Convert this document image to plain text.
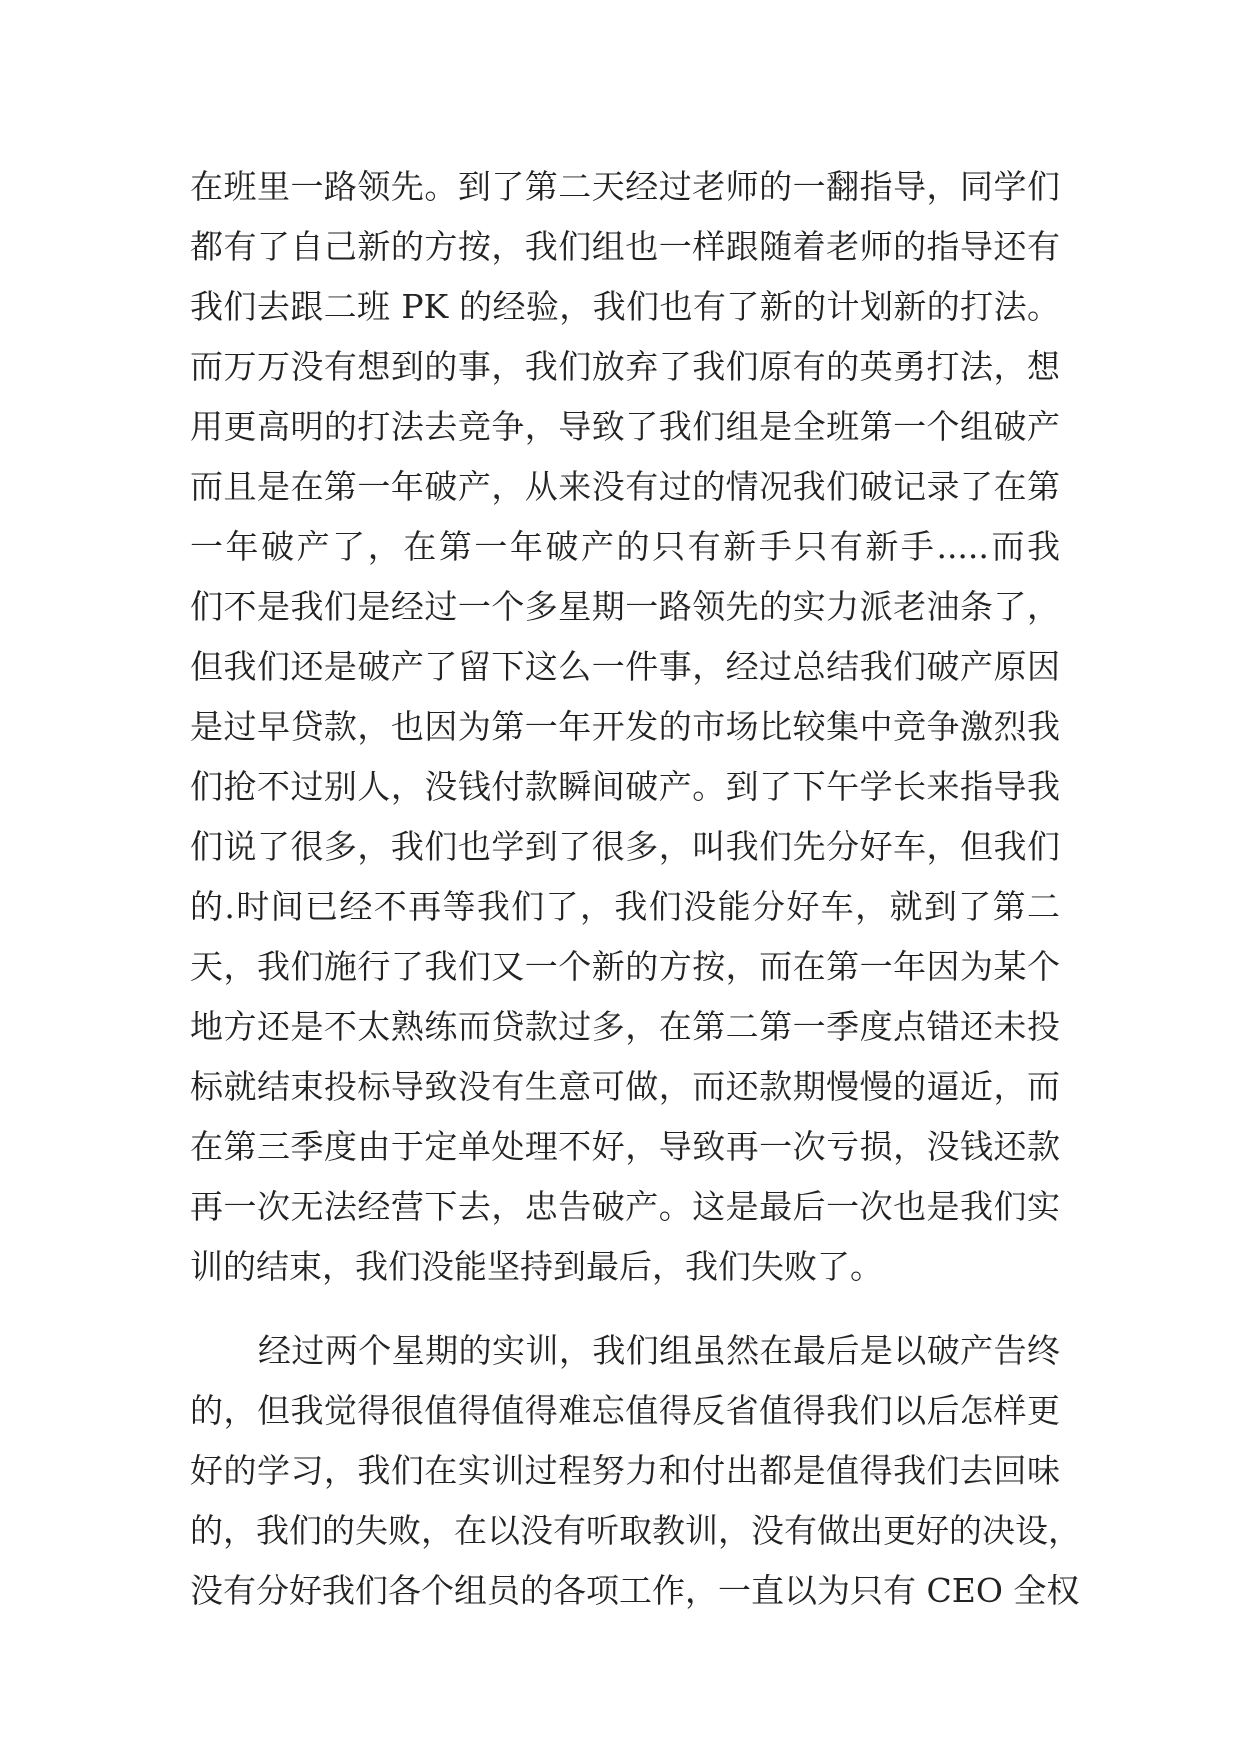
在班里一路领先。到了第二天经过老师的一翻指导，同学们
都有了自己新的方按，我们组也一样跟随着老师的指导还有
我们去跟二班 PK 的经验，我们也有了新的计划新的打法。
而万万没有想到的事，我们放弃了我们原有的英勇打法，想
用更高明的打法去竞争，导致了我们组是全班第一个组破产
而且是在第一年破产，从来没有过的情况我们破记录了在第
一年破产了，在第一年破产的只有新手只有新手.....而我
们不是我们是经过一个多星期一路领先的实力派老油条了，
但我们还是破产了留下这么一件事，经过总结我们破产原因
是过早贷款，也因为第一年开发的市场比较集中竞争激烈我
们抢不过别人，没钱付款瞬间破产。到了下午学长来指导我
们说了很多，我们也学到了很多，叫我们先分好车，但我们
的.时间已经不再等我们了，我们没能分好车，就到了第二
天，我们施行了我们又一个新的方按，而在第一年因为某个
地方还是不太熟练而贷款过多，在第二第一季度点错还未投
标就结束投标导致没有生意可做，而还款期慢慢的逼近，而
在第三季度由于定单处理不好，导致再一次亏损，没钱还款
再一次无法经营下去，忠告破产。这是最后一次也是我们实
训的结束，我们没能坚持到最后，我们失败了。
经过两个星期的实训，我们组虽然在最后是以破产告终
的，但我觉得很值得值得难忘值得反省值得我们以后怎样更
好的学习，我们在实训过程努力和付出都是值得我们去回味
的，我们的失败，在以没有听取教训，没有做出更好的决设，
没有分好我们各个组员的各项工作，一直以为只有 CEO 全权
